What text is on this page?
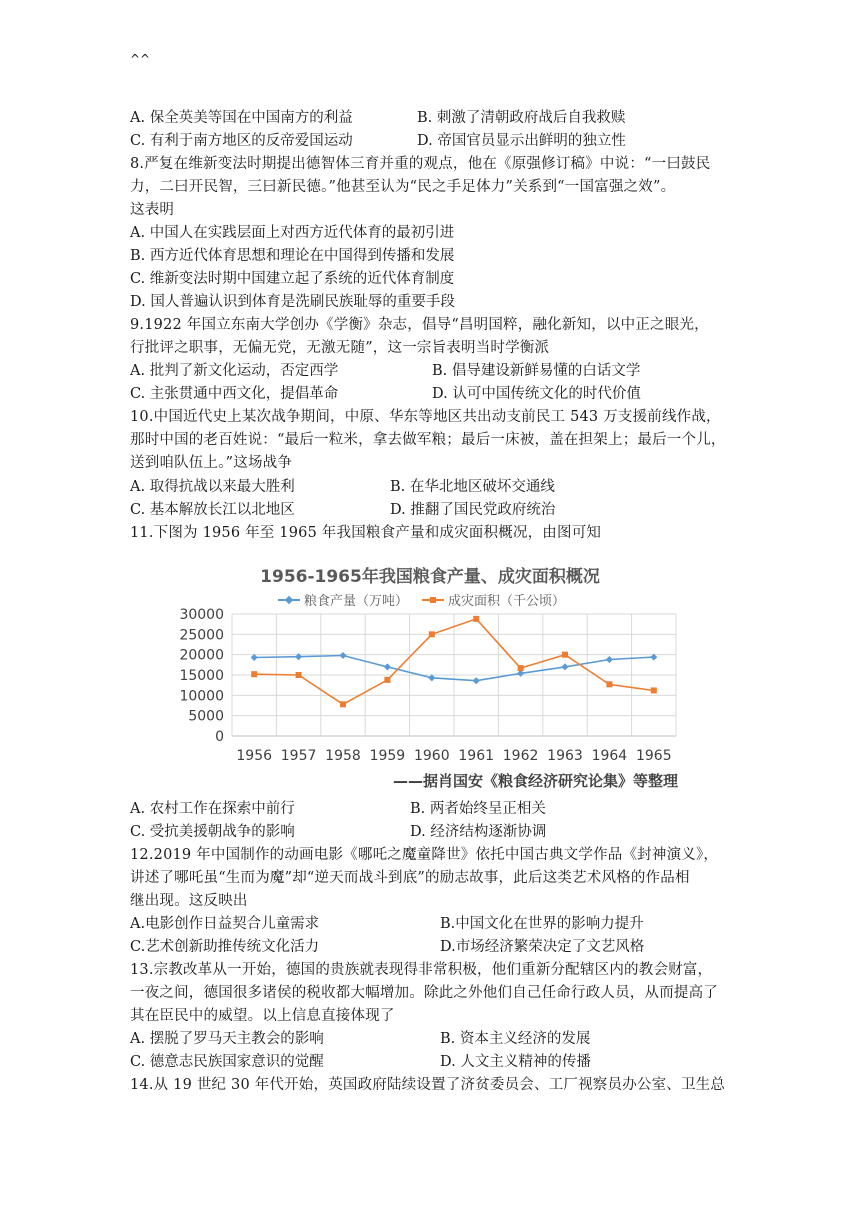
^^
A. 保全英美等国在中国南方的利益	B. 刺激了清朝政府战后自我救赎
C. 有利于南方地区的反帝爱国运动	D. 帝国官员显示出鲜明的独立性
8.严复在维新变法时期提出德智体三育并重的观点，他在《原强修订稿》中说：“一曰鼓民
力，二曰开民智，三曰新民德。”他甚至认为“民之手足体力”关系到“一国富强之效”。
这表明
A. 中国人在实践层面上对西方近代体育的最初引进
B. 西方近代体育思想和理论在中国得到传播和发展
C. 维新变法时期中国建立起了系统的近代体育制度
D. 国人普遍认识到体育是洗刷民族耻辱的重要手段
9.1922 年国立东南大学创办《学衡》杂志，倡导“昌明国粹，融化新知，以中正之眼光，
行批评之职事，无偏无党，无激无随”，这一宗旨表明当时学衡派
A. 批判了新文化运动，否定西学	B. 倡导建设新鲜易懂的白话文学
C. 主张贯通中西文化，提倡革命	D. 认可中国传统文化的时代价值
10.中国近代史上某次战争期间，中原、华东等地区共出动支前民工 543 万支援前线作战，
那时中国的老百姓说：“最后一粒米，拿去做军粮；最后一床被，盖在担架上；最后一个儿，
送到咱队伍上。”这场战争
A. 取得抗战以来最大胜利	B. 在华北地区破坏交通线
C. 基本解放长江以北地区	D. 推翻了国民党政府统治
11.下图为 1956 年至 1965 年我国粮食产量和成灾面积概况，由图可知
1956-1965年我国粮食产量、成灾面积概况
粮食产量（万吨）	成灾面积（千公顷）
0
5000
10000
15000
20000
25000
30000
1956 1957 1958 1959 1960 1961 1962 1963 1964 1965
——据肖国安《粮食经济研究论集》等整理
A. 农村工作在探索中前行	B. 两者始终呈正相关
C. 受抗美援朝战争的影响	D. 经济结构逐渐协调
12.2019 年中国制作的动画电影《哪吒之魔童降世》依托中国古典文学作品《封神演义》，
讲述了哪吒虽“生而为魔”却“逆天而战斗到底”的励志故事，此后这类艺术风格的作品相
继出现。这反映出
A.电影创作日益契合儿童需求	B.中国文化在世界的影响力提升
C.艺术创新助推传统文化活力	D.市场经济繁荣决定了文艺风格
13.宗教改革从一开始，德国的贵族就表现得非常积极，他们重新分配辖区内的教会财富，
一夜之间，德国很多诸侯的税收都大幅增加。除此之外他们自己任命行政人员，从而提高了
其在臣民中的威望。以上信息直接体现了
A. 摆脱了罗马天主教会的影响	B. 资本主义经济的发展
C. 德意志民族国家意识的觉醒	D. 人文主义精神的传播
14.从 19 世纪 30 年代开始，英国政府陆续设置了济贫委员会、工厂视察员办公室、卫生总
